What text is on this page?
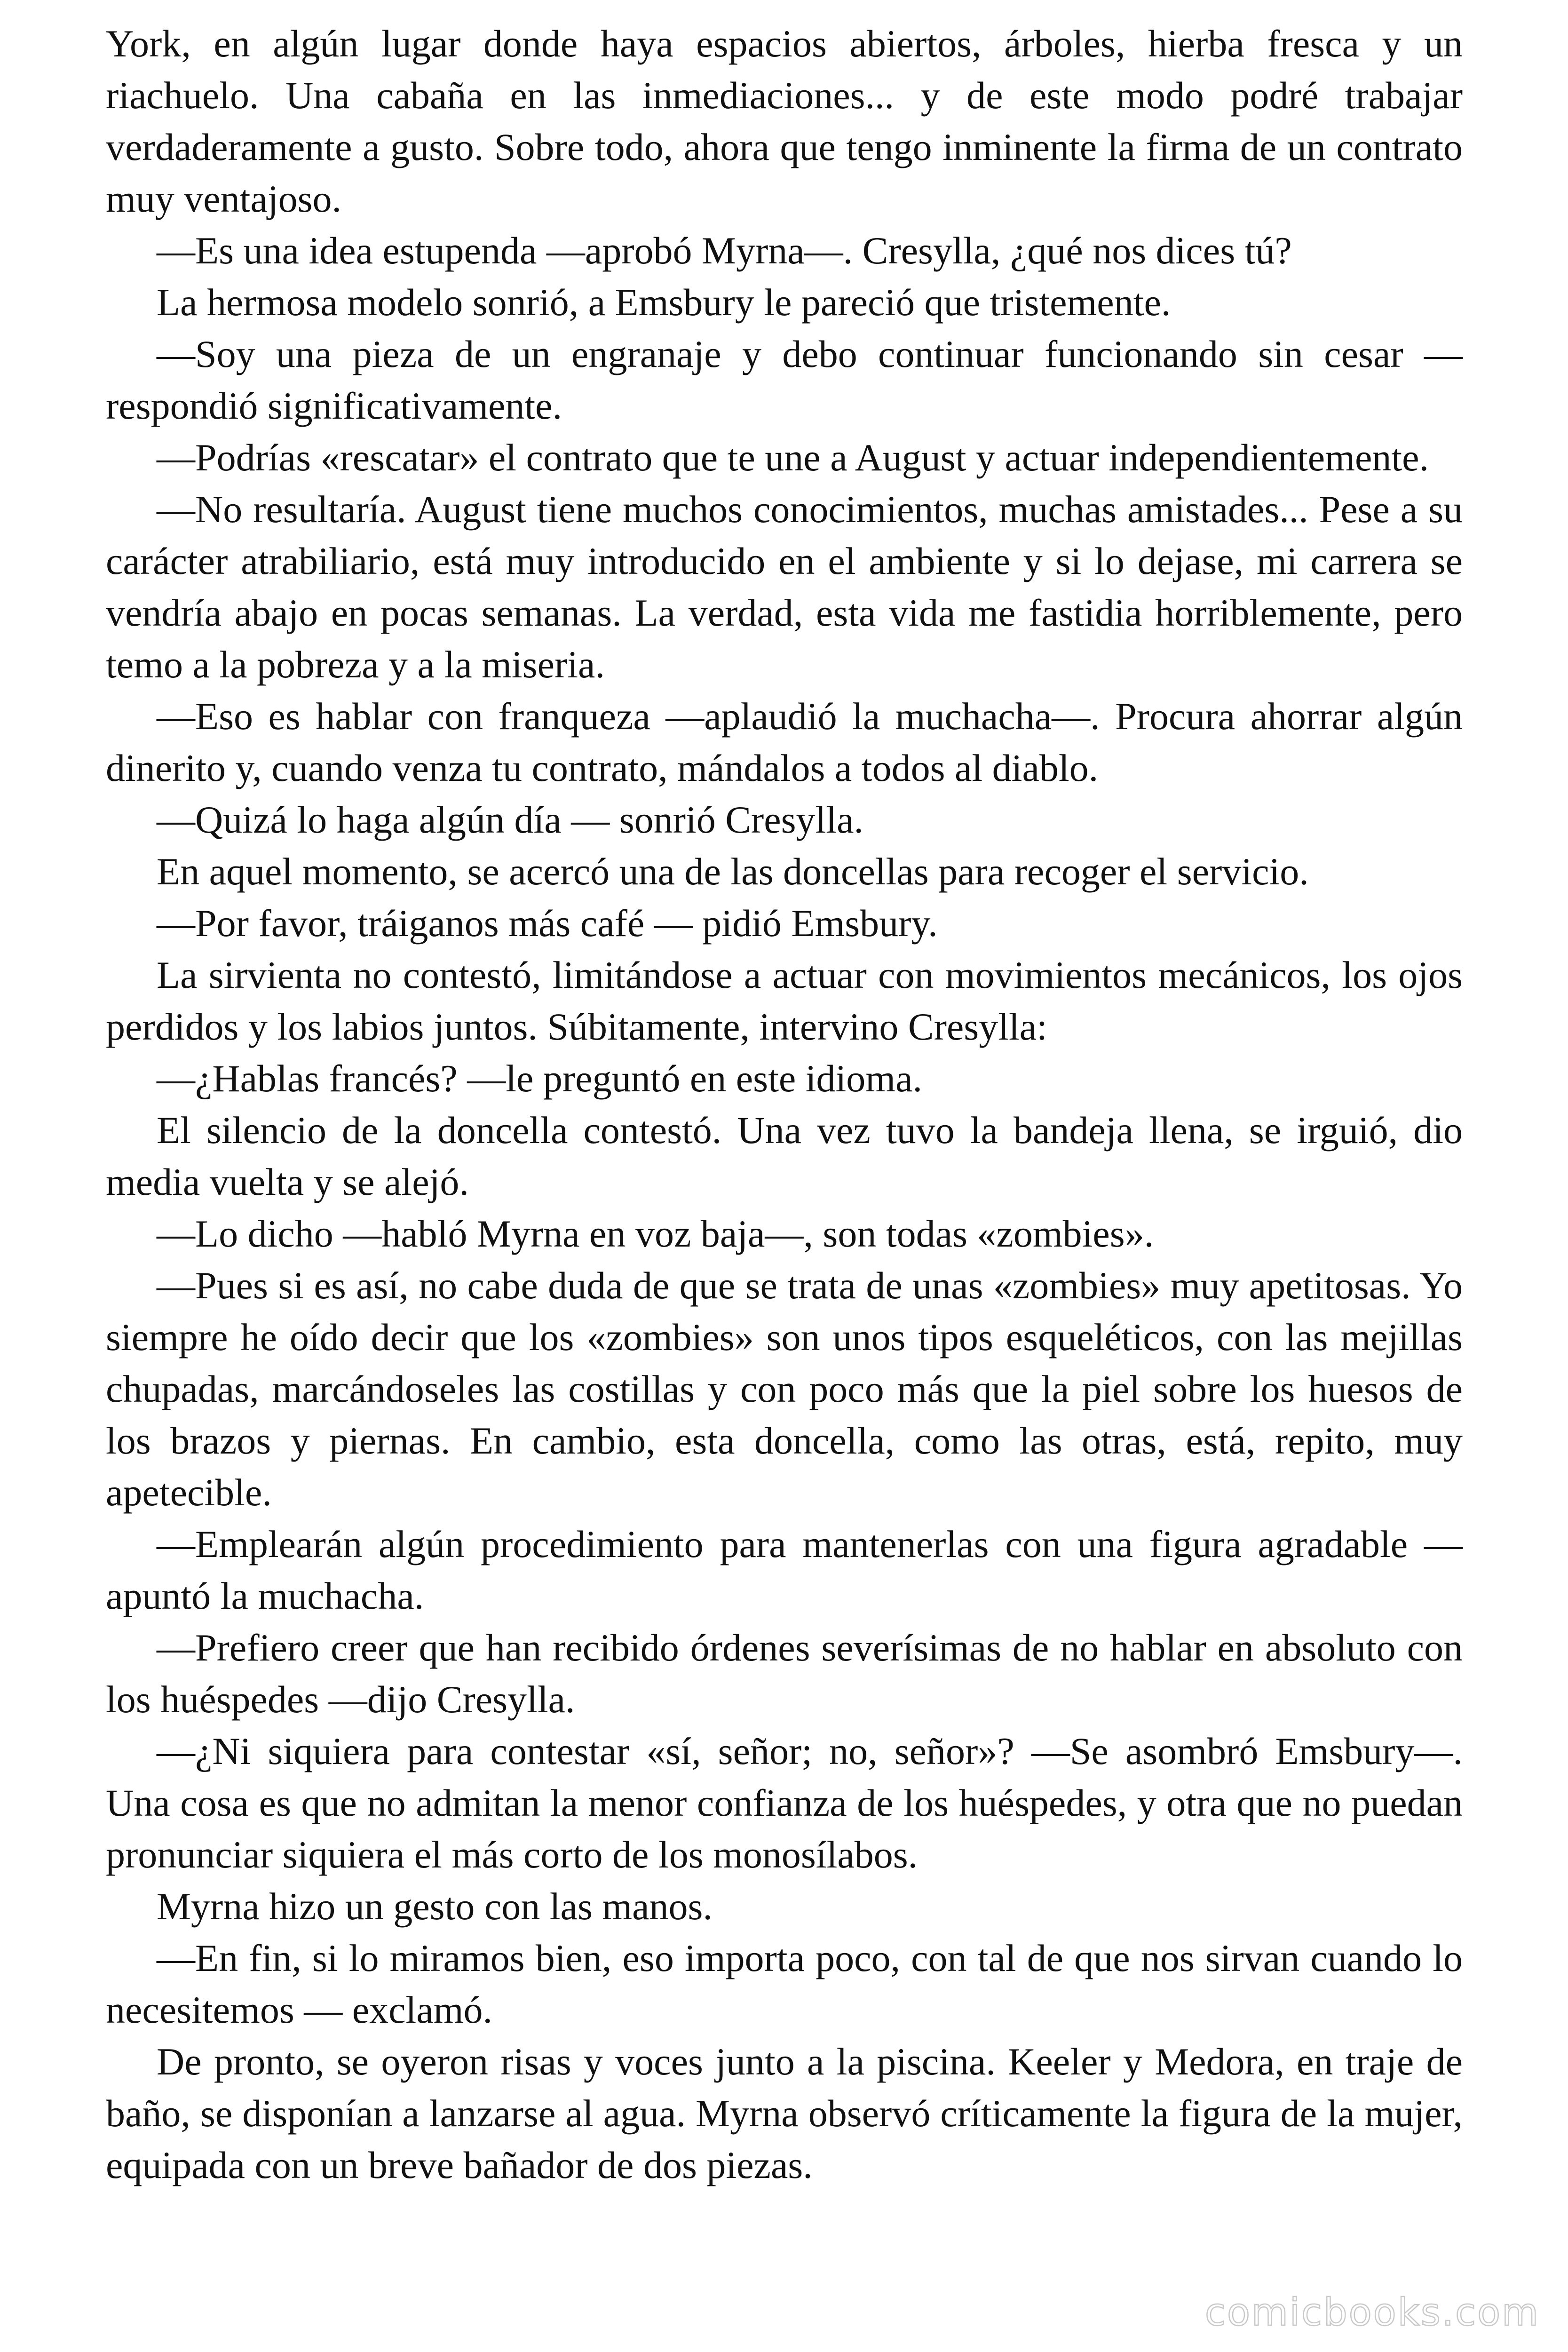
York, en algún lugar donde haya espacios abiertos, árboles, hierba fresca y un riachuelo. Una cabaña en las inmediaciones... y de este modo podré trabajar verdaderamente a gusto. Sobre todo, ahora que tengo inminente la firma de un contrato muy ventajoso.

—Es una idea estupenda —aprobó Myrna—. Cresylla, ¿qué nos dices tú?

La hermosa modelo sonrió, a Emsbury le pareció que tristemente.

—Soy una pieza de un engranaje y debo continuar funcionando sin cesar —respondió significativamente.

—Podrías «rescatar» el contrato que te une a August y actuar independientemente.

—No resultaría. August tiene muchos conocimientos, muchas amistades... Pese a su carácter atrabiliario, está muy introducido en el ambiente y si lo dejase, mi carrera se vendría abajo en pocas semanas. La verdad, esta vida me fastidia horriblemente, pero temo a la pobreza y a la miseria.

—Eso es hablar con franqueza —aplaudió la muchacha—. Procura ahorrar algún dinerito y, cuando venza tu contrato, mándalos a todos al diablo.

—Quizá lo haga algún día — sonrió Cresylla.

En aquel momento, se acercó una de las doncellas para recoger el servicio.

—Por favor, tráiganos más café — pidió Emsbury.

La sirvienta no contestó, limitándose a actuar con movimientos mecánicos, los ojos perdidos y los labios juntos. Súbitamente, intervino Cresylla:

—¿Hablas francés? —le preguntó en este idioma.

El silencio de la doncella contestó. Una vez tuvo la bandeja llena, se irguió, dio media vuelta y se alejó.

—Lo dicho —habló Myrna en voz baja—, son todas «zombies».

—Pues si es así, no cabe duda de que se trata de unas «zombies» muy apetitosas. Yo siempre he oído decir que los «zombies» son unos tipos esqueléticos, con las mejillas chupadas, marcándoseles las costillas y con poco más que la piel sobre los huesos de los brazos y piernas. En cambio, esta doncella, como las otras, está, repito, muy apetecible.

—Emplearán algún procedimiento para mantenerlas con una figura agradable — apuntó la muchacha.

—Prefiero creer que han recibido órdenes severísimas de no hablar en absoluto con los huéspedes —dijo Cresylla.

—¿Ni siquiera para contestar «sí, señor; no, señor»? —Se asombró Emsbury—. Una cosa es que no admitan la menor confianza de los huéspedes, y otra que no puedan pronunciar siquiera el más corto de los monosílabos.

Myrna hizo un gesto con las manos.

—En fin, si lo miramos bien, eso importa poco, con tal de que nos sirvan cuando lo necesitemos — exclamó.

De pronto, se oyeron risas y voces junto a la piscina. Keeler y Medora, en traje de baño, se disponían a lanzarse al agua. Myrna observó críticamente la figura de la mujer, equipada con un breve bañador de dos piezas.

comicbooks.com
